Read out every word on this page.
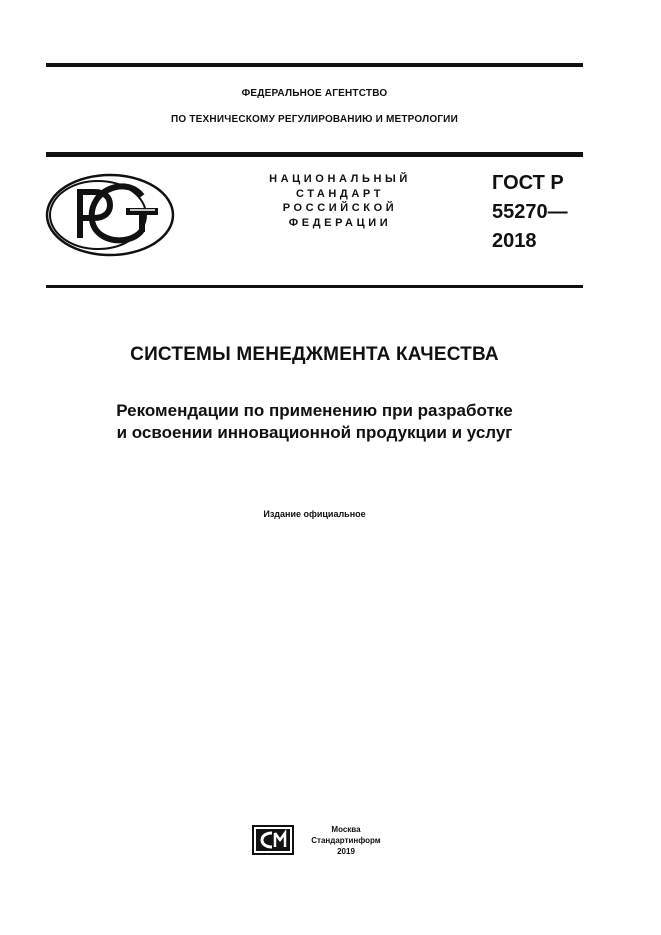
ФЕДЕРАЛЬНОЕ АГЕНТСТВО
ПО ТЕХНИЧЕСКОМУ РЕГУЛИРОВАНИЮ И МЕТРОЛОГИИ
НАЦИОНАЛЬНЫЙ
СТАНДАРТ
РОССИЙСКОЙ
ФЕДЕРАЦИИ
ГОСТ Р
55270—
2018
СИСТЕМЫ МЕНЕДЖМЕНТА КАЧЕСТВА
Рекомендации по применению при разработке
и освоении инновационной продукции и услуг
Издание официальное
Москва
Стандартинформ
2019
